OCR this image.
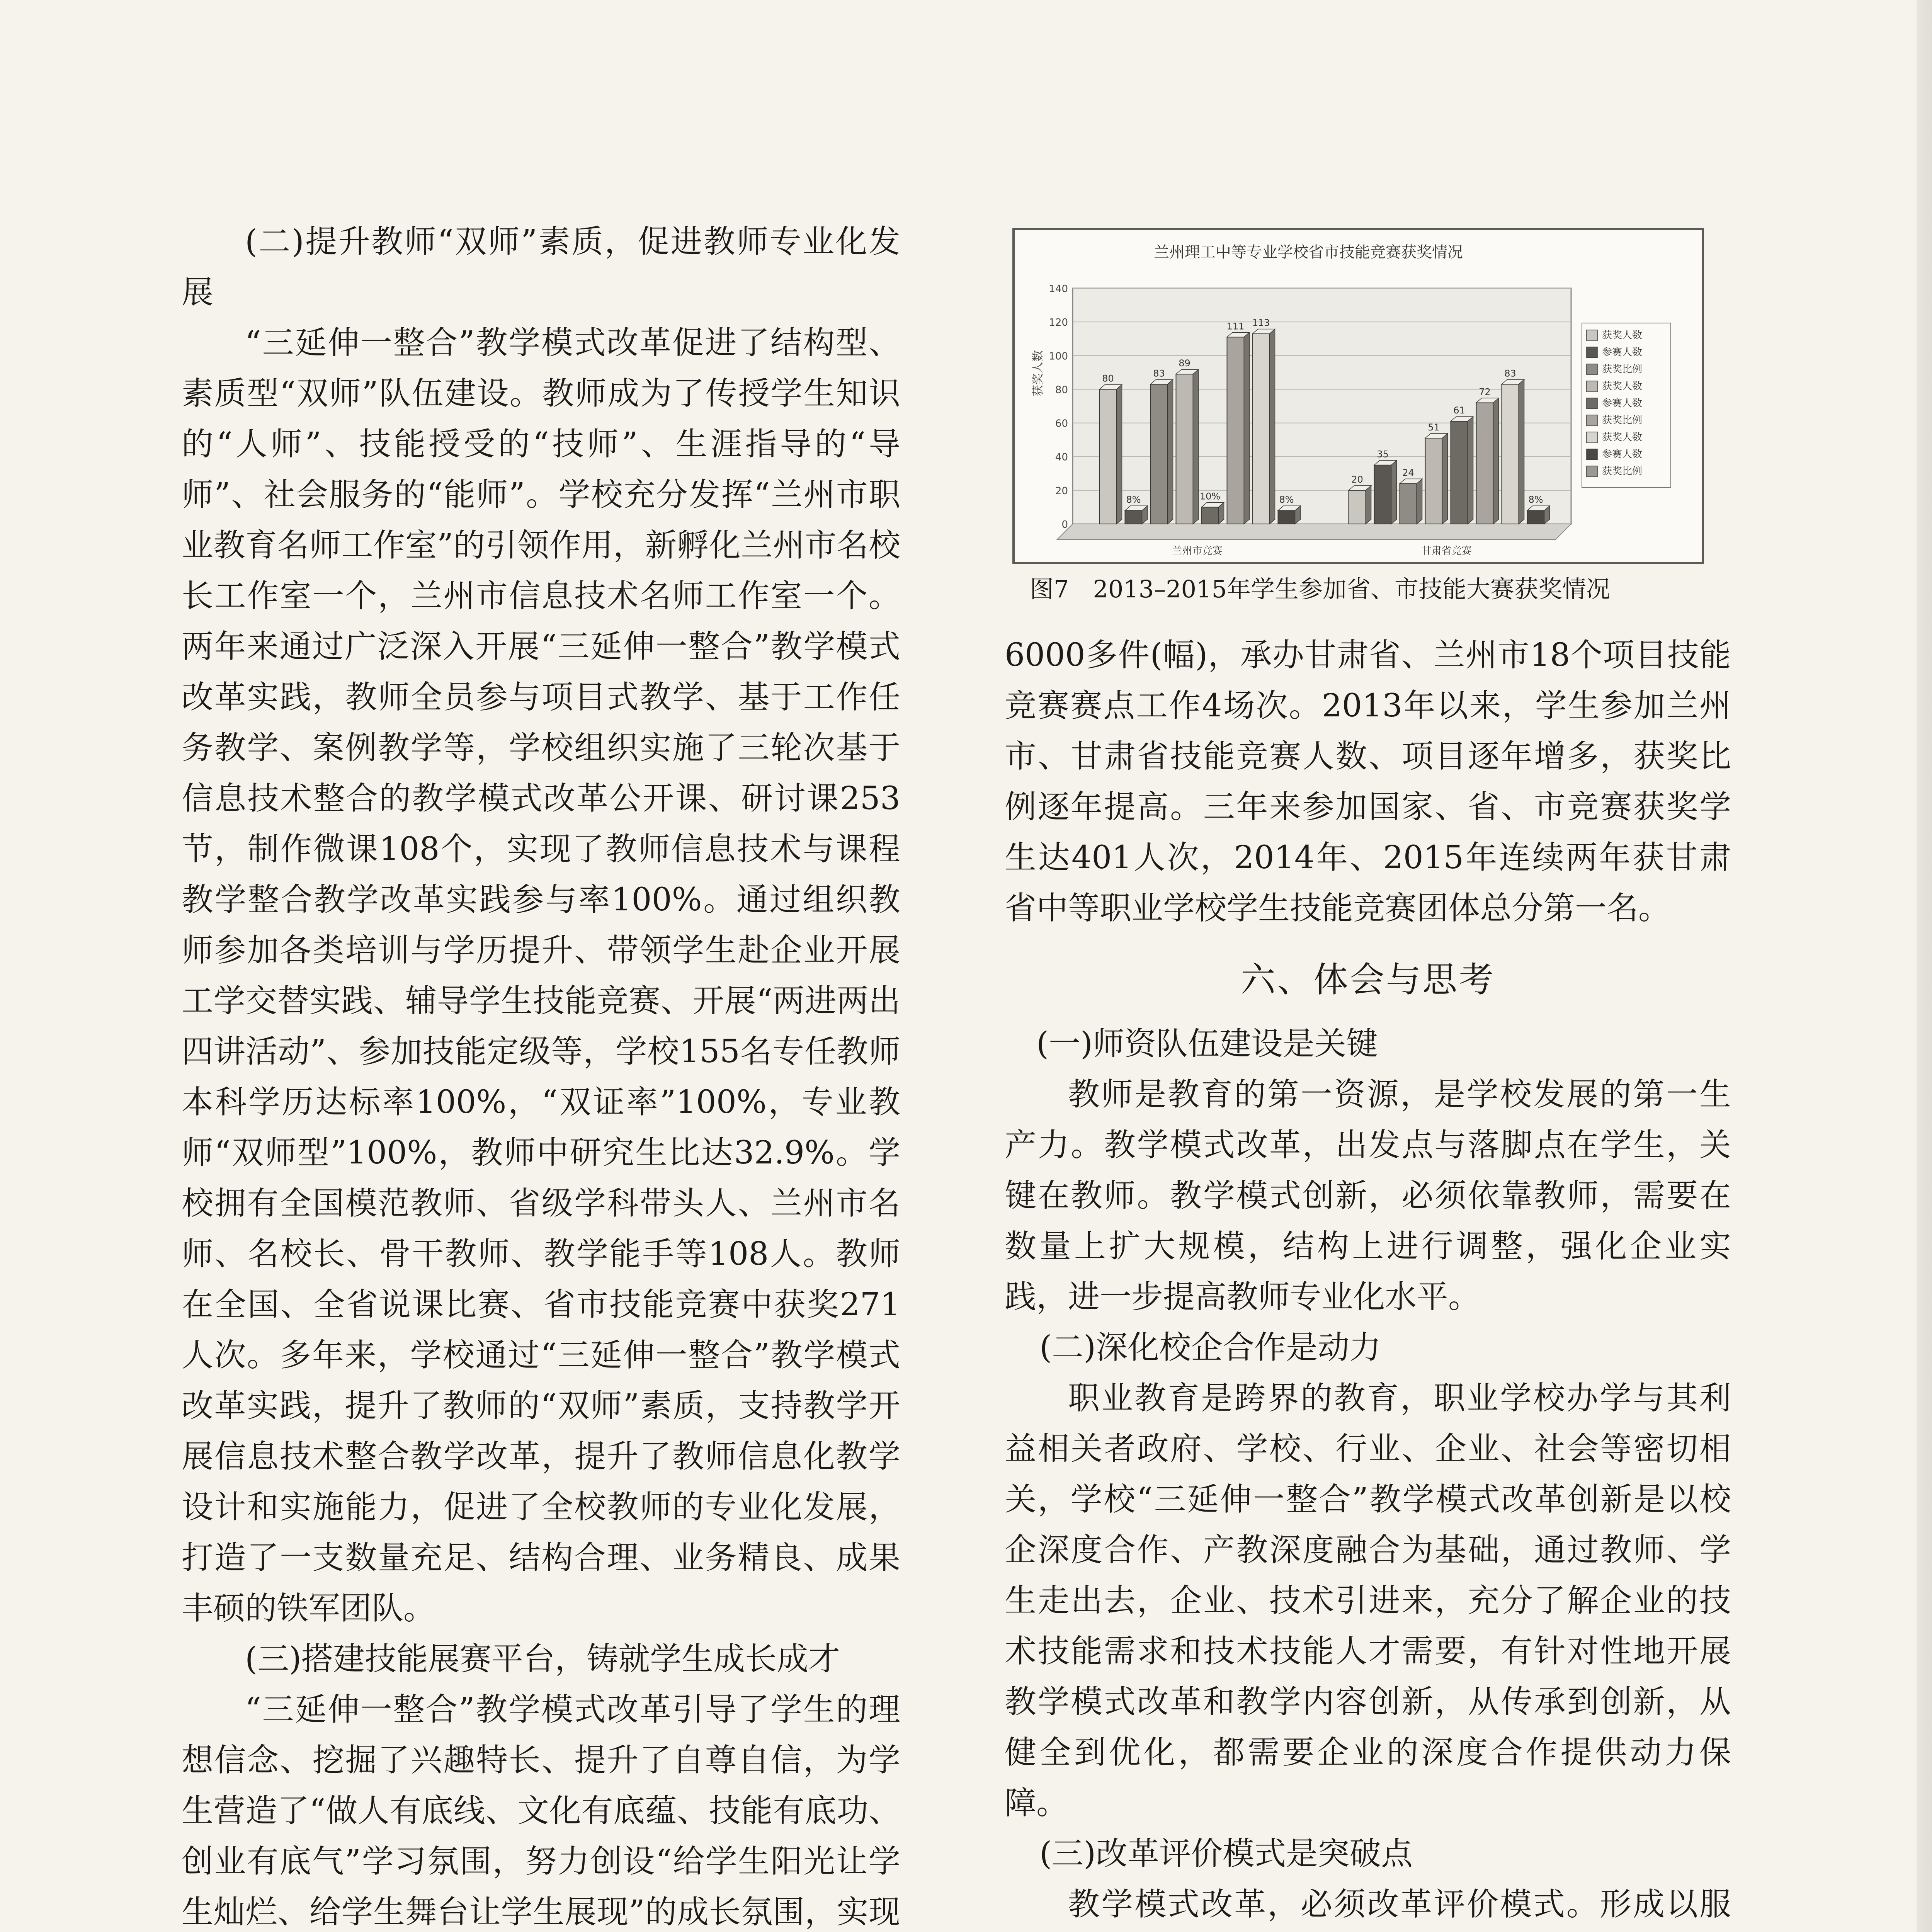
(二)提升教师“双师”素质，促进教师专业化发展

“三延伸一整合”教学模式改革促进了结构型、素质型“双师”队伍建设。教师成为了传授学生知识的“人师”、技能授受的“技师”、生涯指导的“导师”、社会服务的“能师”。学校充分发挥“兰州市职业教育名师工作室”的引领作用，新孵化兰州市名校长工作室一个，兰州市信息技术名师工作室一个。两年来通过广泛深入开展“三延伸一整合”教学模式改革实践，教师全员参与项目式教学、基于工作任务教学、案例教学等，学校组织实施了三轮次基于信息技术整合的教学模式改革公开课、研讨课253节，制作微课108个，实现了教师信息技术与课程教学整合教学改革实践参与率100%。通过组织教师参加各类培训与学历提升、带领学生赴企业开展工学交替实践、辅导学生技能竞赛、开展“两进两出四讲活动”、参加技能定级等，学校155名专任教师本科学历达标率100%，“双证率”100%，专业教师“双师型”100%，教师中研究生比达32.9%。学校拥有全国模范教师、省级学科带头人、兰州市名师、名校长、骨干教师、教学能手等108人。教师在全国、全省说课比赛、省市技能竞赛中获奖271人次。多年来，学校通过“三延伸一整合”教学模式改革实践，提升了教师的“双师”素质，支持教学开展信息技术整合教学改革，提升了教师信息化教学设计和实施能力，促进了全校教师的专业化发展，打造了一支数量充足、结构合理、业务精良、成果丰硕的铁军团队。

(三)搭建技能展赛平台，铸就学生成长成才

“三延伸一整合”教学模式改革引导了学生的理想信念、挖掘了兴趣特长、提升了自尊自信，为学生营造了“做人有底线、文化有底蕴、技能有底功、创业有底气”学习氛围，努力创设“给学生阳光让学生灿烂、给学生舞台让学生展现”的成长氛围，实现

兰州理工中等专业学校省市技能竞赛获奖情况
获奖人数
0
20
40
60
80
100
120
140
80
8%
83
89
10%
111 113
8%
兰州市竞赛
20
35
24
51
61
72
83
8%
甘肃省竞赛
获奖人数
参赛人数
获奖比例
获奖人数
参赛人数
获奖比例
获奖人数
参赛人数
获奖比例
图7　2013–2015年学生参加省、市技能大赛获奖情况

6000多件(幅)，承办甘肃省、兰州市18个项目技能竞赛赛点工作4场次。2013年以来，学生参加兰州市、甘肃省技能竞赛人数、项目逐年增多，获奖比例逐年提高。三年来参加国家、省、市竞赛获奖学生达401人次，2014年、2015年连续两年获甘肃省中等职业学校学生技能竞赛团体总分第一名。

六、体会与思考
(一)师资队伍建设是关键

教师是教育的第一资源，是学校发展的第一生产力。教学模式改革，出发点与落脚点在学生，关键在教师。教学模式创新，必须依靠教师，需要在数量上扩大规模，结构上进行调整，强化企业实践，进一步提高教师专业化水平。

(二)深化校企合作是动力

职业教育是跨界的教育，职业学校办学与其利益相关者政府、学校、行业、企业、社会等密切相关，学校“三延伸一整合”教学模式改革创新是以校企深度合作、产教深度融合为基础，通过教师、学生走出去，企业、技术引进来，充分了解企业的技术技能需求和技术技能人才需要，有针对性地开展教学模式改革和教学内容创新，从传承到创新，从健全到优化，都需要企业的深度合作提供动力保障。

(三)改革评价模式是突破点

教学模式改革，必须改革评价模式。形成以服
